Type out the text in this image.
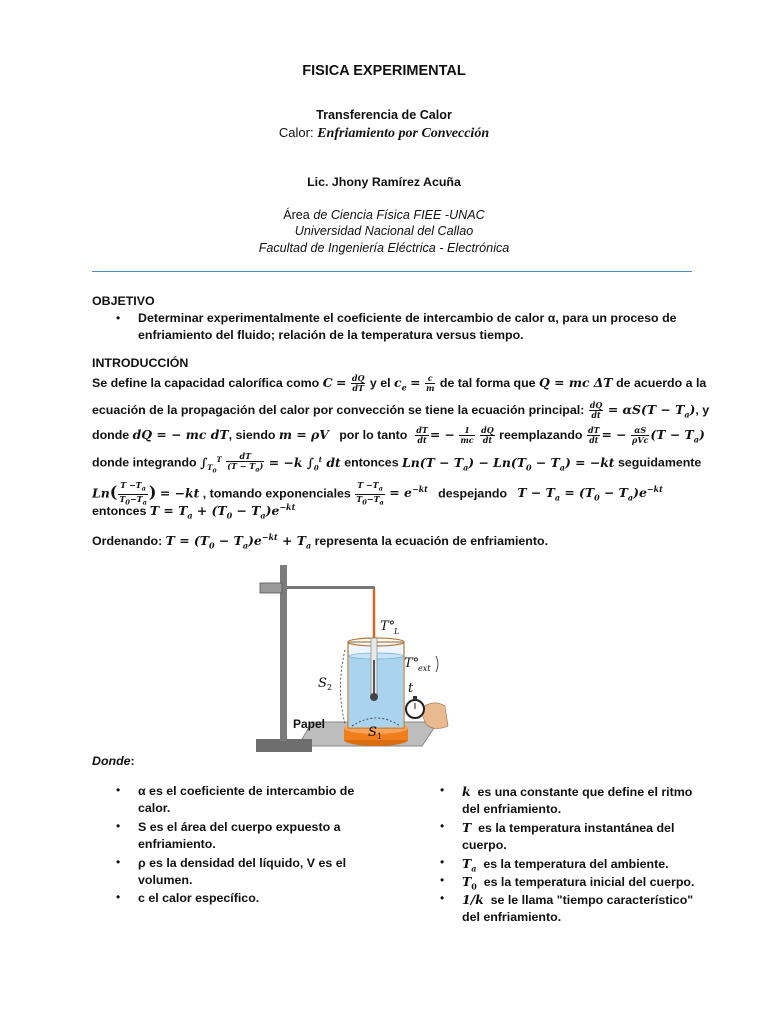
FISICA EXPERIMENTAL
Transferencia de Calor
Calor: Enfriamiento por Convección
Lic. Jhony Ramírez Acuña
Área de Ciencia Física FIEE -UNAC
Universidad Nacional del Callao
Facultad de Ingeniería Eléctrica - Electrónica
OBJETIVO
• Determinar experimentalmente el coeficiente de intercambio de calor α, para un proceso de
enfriamiento del fluido; relación de la temperatura versus tiempo.
INTRODUCCIÓN
Se define la capacidad calorífica como $C = \frac{dQ}{dT}$ y el $c_e = \frac{c}{m}$ de tal forma que Q = mc ΔT de acuerdo a la
ecuación de la propagación del calor por convección se tiene la ecuación principal: $\frac{dQ}{dt} = \alpha S(T - T_a)$, y
donde dQ = − mc dT, siendo m = ρV por lo tanto $\frac{dT}{dt}$ = − $\frac{1}{mc}$
$\frac{dQ}{dt}$ reemplazando $\frac{dT}{dt}$ = − $\frac{\alpha S}{\text{ρVc}} (T - T_a)$
donde integrando $\int_{T_0}^T \frac{dT}{(T - T_a)} = -k$ $\int_0^t$ dt entonces $Ln(T - T_a) - Ln(T_0 - T_a) = -kt$ seguidamente
$Ln( \frac{T -T_a}{T_0-T_a}$ ) = −kt , tomando exponenciales $\frac{T -T_a}{T_0-T_a} = e^{-kt}$ despejando $T - T_a = (T_0 - T_a)e^{-kt}$
entonces $T = T_a + (T_0 - T_a)e^{-kt}$
Ordenando: $T = (T_0 - T_a)e^{-kt} + T_a$ representa la ecuación de enfriamiento.
T°
L
T°
ext
S 2
S 1
t
Papel
Donde:
• α es el coeficiente de intercambio de
calor.
• S es el área del cuerpo expuesto a
enfriamiento.
• ρ es la densidad del líquido, V es el
volumen.
• c el calor específico.
• k es una constante que define el ritmo
del enfriamiento.
• T es la temperatura instantánea del
cuerpo.
• $T_a$ es la temperatura del ambiente.
• $T_0$ es la temperatura inicial del cuerpo.
• 1/k se le llama "tiempo característico"
del enfriamiento.
